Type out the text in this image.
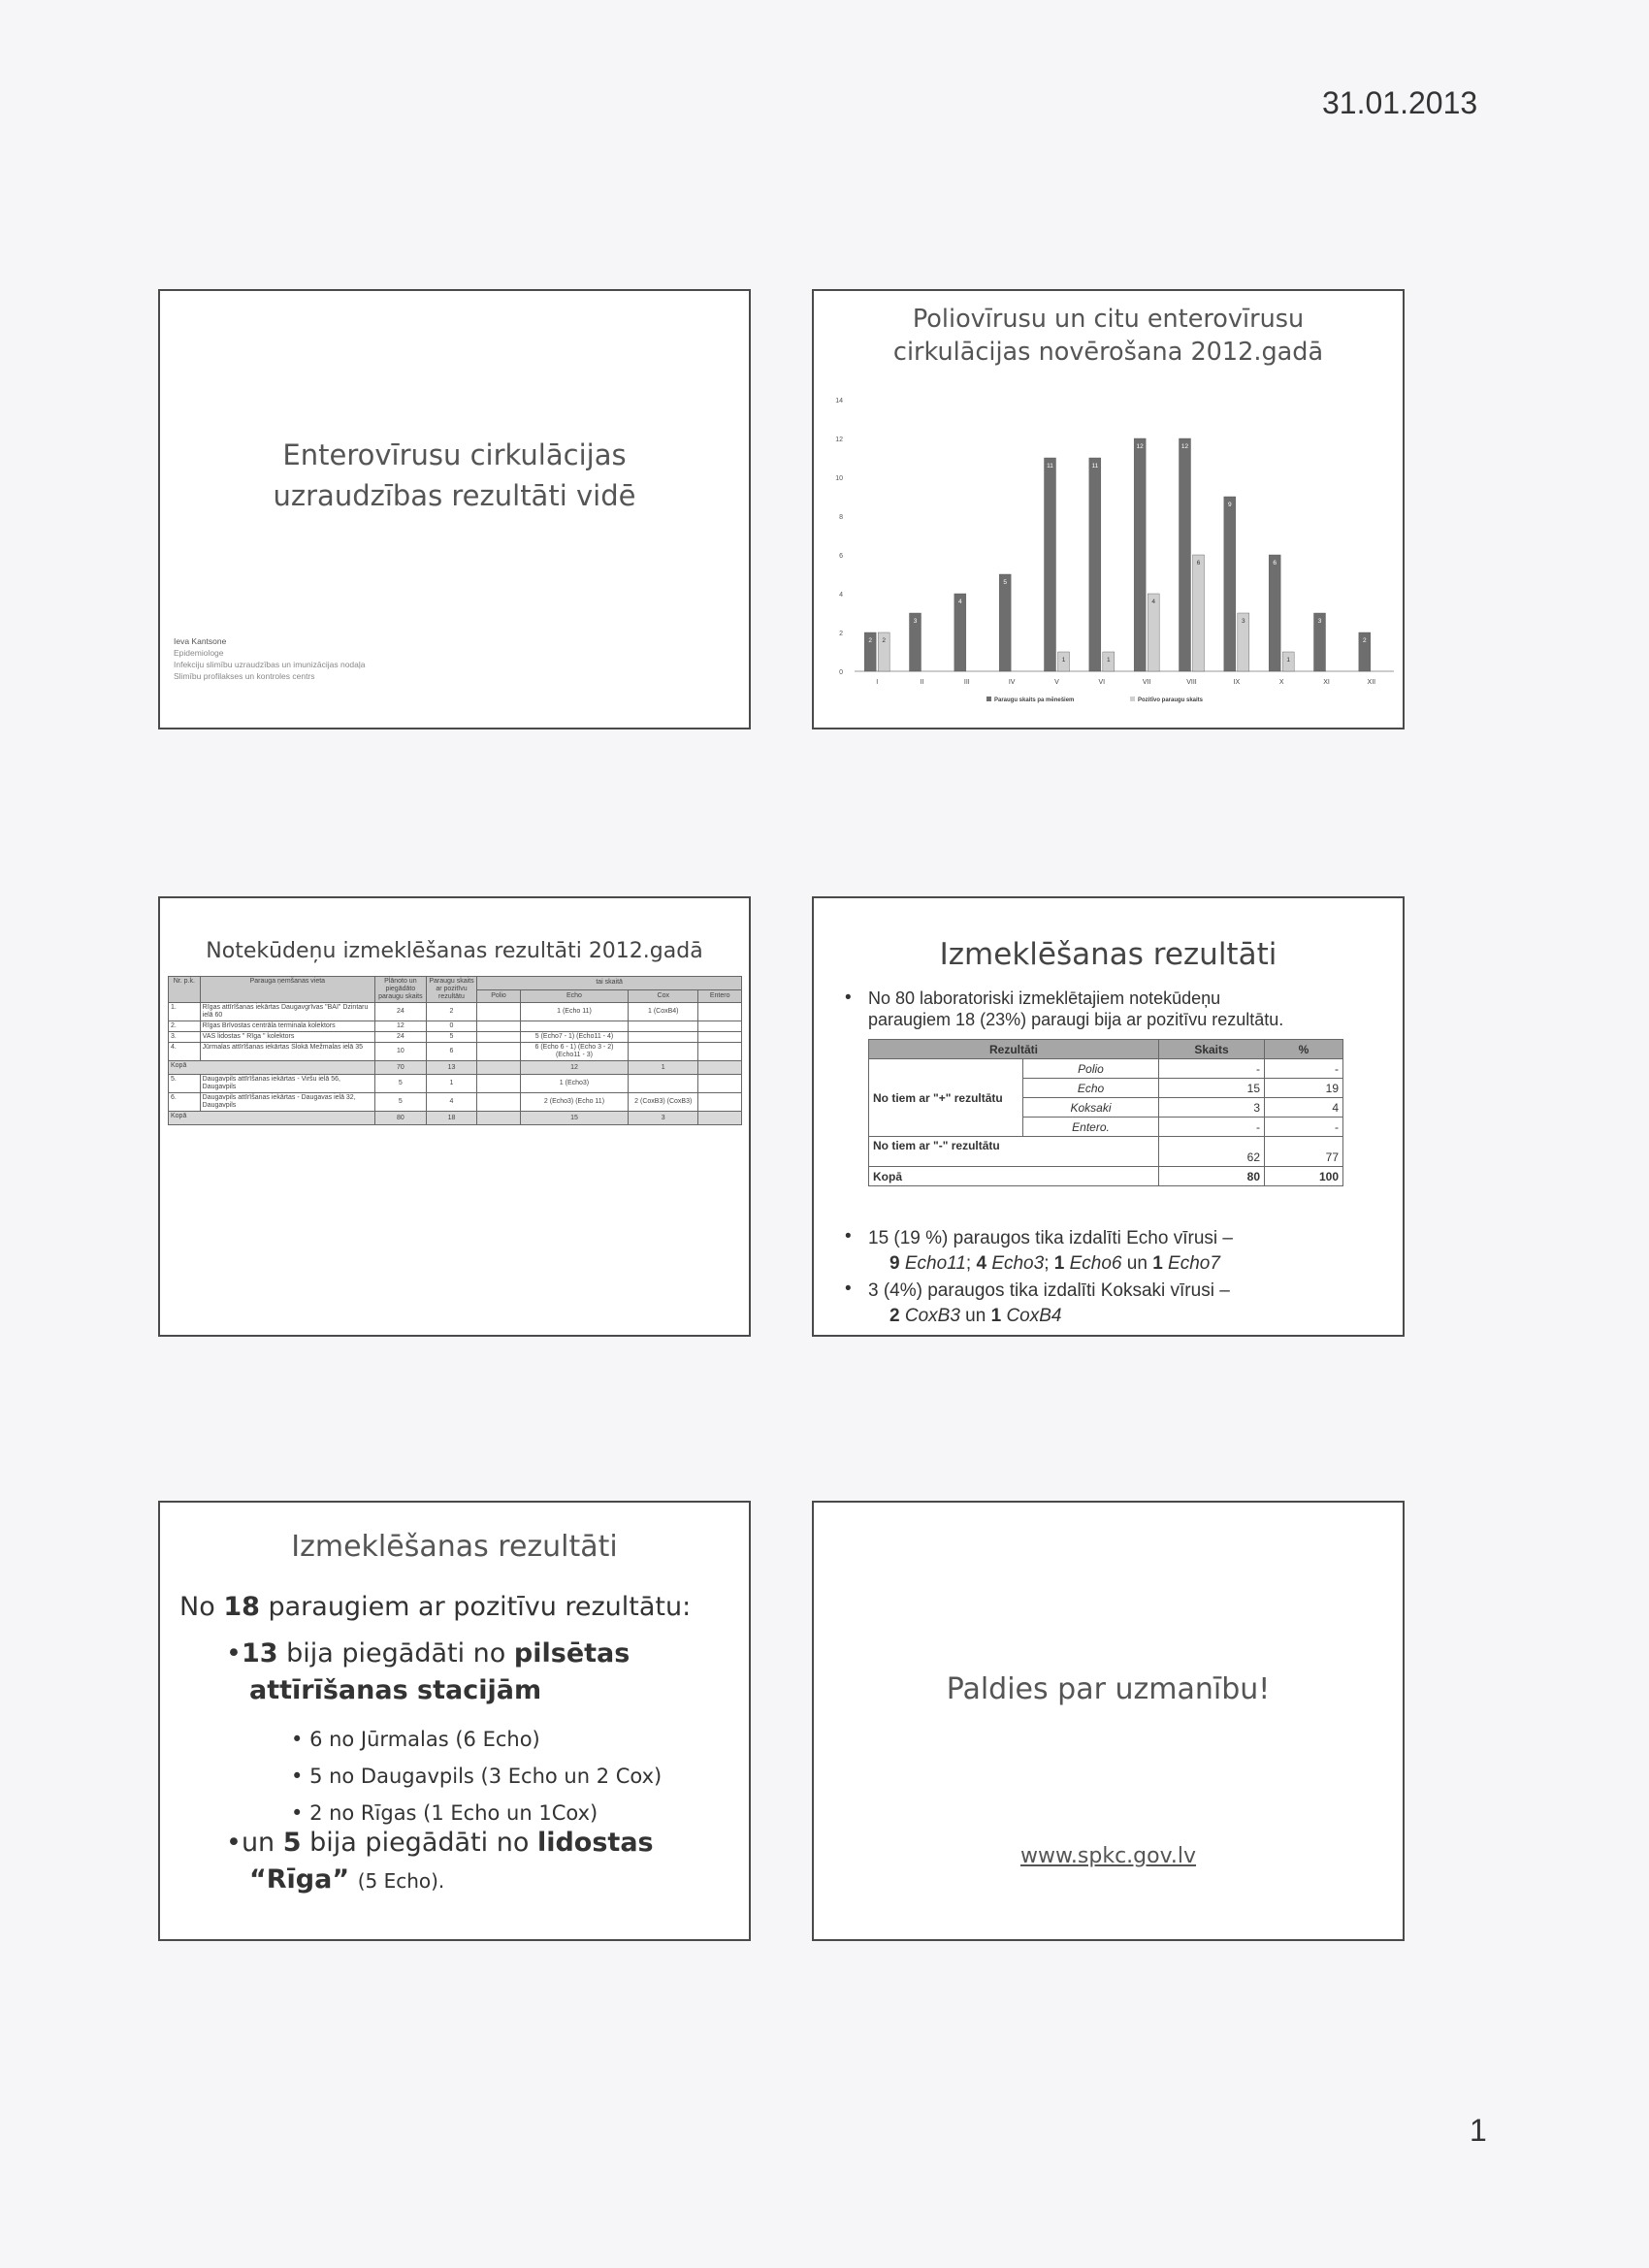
31.01.2013
Enterovīrusu cirkulācijas
uzraudzības rezultāti vidē
Ieva Kantsone
Epidemiologe
Infekciju slimību uzraudzības un imunizācijas nodaļa
Slimību profilakses un kontroles centrs
Poliovīrusu un citu enterovīrusu
cirkulācijas novērošana 2012.gadā
0
2
4
6
8
10
12
14
2 2
I
3
II
4
III
5
IV
11
1
V
11
1
VI
12
4
VII
12
6
VIII
9
3
IX
6
1
X
3
XI
2
XII
Paraugu skaits pa mēnešiem	Pozitīvo paraugu skaits
Notekūdeņu izmeklēšanas rezultāti 2012.gadā
Nr. p.k.	Parauga ņemšanas vieta	Plānoto un piegādāto paraugu skaits	Paraugu skaits ar pozitīvu rezultātu	tai skaitā			
				Polio	Echo	Cox	Entero
1.	Rīgas attīrīšanas iekārtas Daugavgrīvas "BAI" Dzintaru ielā 60	24	2		1 (Echo 11)	1 (CoxB4)	
2.	Rīgas Brīvostas centrāla terminala kolektors	12	0				
3.	VAS lidostas " Rīga " kolektors	24	5		5 (Echo7 - 1) (Echo11 - 4)		
4.	Jūrmalas attīrīšanas iekārtas Slokā Mežmalas ielā 35	10	6		6 (Echo 6 - 1) (Echo 3 - 2) (Echo11 - 3)		
Kopā		70	13		12	1	
5.	Daugavpils attīrīšanas iekārtas - Viršu ielā 56, Daugavpils	5	1		1 (Echo3)		
6.	Daugavpils attīrīšanas iekārtas - Daugavas ielā 32, Daugavpils	5	4		2 (Echo3) (Echo 11)	2 (CoxB3) (CoxB3)	
Kopā		80	18		15	3	
Izmeklēšanas rezultāti
• No 80 laboratoriski izmeklētajiem notekūdeņu
paraugiem 18 (23%) paraugi bija ar pozitīvu rezultātu.
Rezultāti		Skaits	%
No tiem ar "+" rezultātu	Polio	-	-
	Echo	15	19
	Koksaki	3	4
	Entero.	-	-
No tiem ar "-" rezultātu		62	77
Kopā		80	100
• 15 (19 %) paraugos tika izdalīti Echo vīrusi –
9 Echo11; 4 Echo3; 1 Echo6 un 1 Echo7
• 3 (4%) paraugos tika izdalīti Koksaki vīrusi –
2 CoxB3 un 1 CoxB4
Izmeklēšanas rezultāti
No 18 paraugiem ar pozitīvu rezultātu:
•13 bija piegādāti no pilsētas
attīrīšanas stacijām
• 6 no Jūrmalas (6 Echo)
• 5 no Daugavpils (3 Echo un 2 Cox)
• 2 no Rīgas (1 Echo un 1Cox)
•un 5 bija piegādāti no lidostas
“Rīga” (5 Echo).
Paldies par uzmanību!
www.spkc.gov.lv
1
